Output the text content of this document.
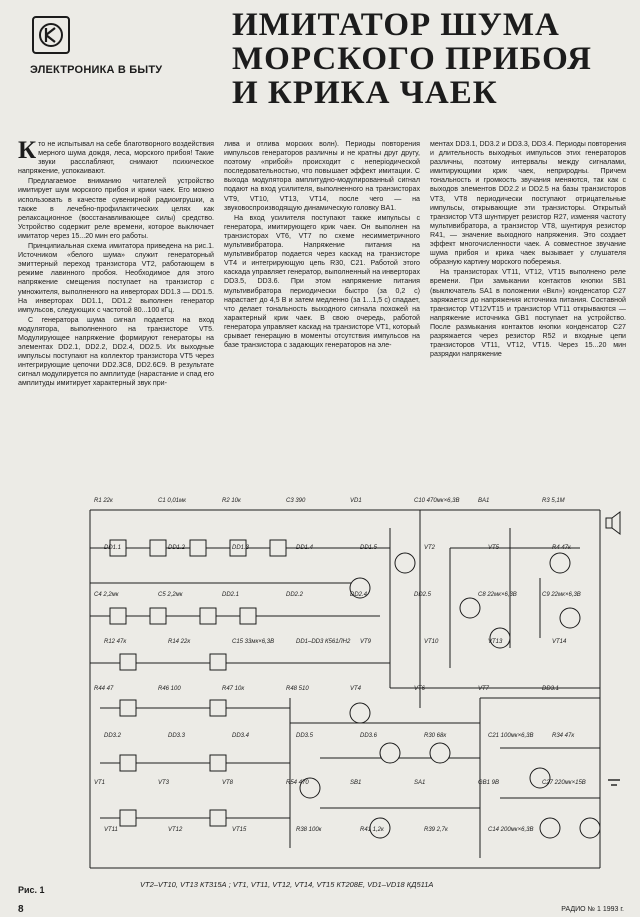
ЭЛЕКТРОНИКА В БЫТУ
ИМИТАТОР ШУМА
МОРСКОГО ПРИБОЯ
И КРИКА ЧАЕК

Кто не испытывал на себе благотворного воздействия мерного шума дождя, леса, морского прибоя! Такие звуки расслабляют, снимают психическое напряжение, успокаивают.

Предлагаемое вниманию читателей устройство имитирует шум морского прибоя и крики чаек. Его можно использовать в качестве сувенирной радиоигрушки, а также в лечебно-профилактических целях как релаксационное (восстанавливающее силы) средство. Устройство содержит реле времени, которое выключает имитатор через 15...20 мин его работы.

Принципиальная схема имитатора приведена на рис.1. Источником «белого шума» служит генераторный эмиттерный переход транзистора VT2, работающем в режиме лавинного пробоя. Необходимое для этого напряжение смещения поступает на транзистор с умножителя, выполненного на инверторах DD1.3 — DD1.5. На инверторах DD1.1, DD1.2 выполнен генератор импульсов, следующих с частотой 80...100 кГц.

С генератора шума сигнал подается на вход модулятора, выполненного на транзисторе VT5. Модулирующее напряжение формируют генераторы на элементах DD2.1, DD2.2, DD2.4, DD2.5. Их выходные импульсы поступают на коллектор транзистора VT5 через интегрирующие цепочки DD2.3C8, DD2.6C9. В результате сигнал модулируется по амплитуде (нарастание и спад его амплитуды имитирует характерный звук при-

лива и отлива морских волн). Периоды повторения импульсов генераторов различны и не кратны друг другу, поэтому «прибой» происходит с неперiодической последовательностью, что повышает эффект имитации. С выхода модулятора амплитудно-модулированный сигнал подают на вход усилителя, выполненного на транзисторах VT9, VT10, VT13, VT14, после чего — на звуковоспроизводящую динамическую головку BA1.

На вход усилителя поступают также импульсы с генератора, имитирующего крик чаек. Он выполнен на транзисторах VT6, VT7 по схеме несимметричного мультивибратора. Напряжение питания на мультивибратор подается через каскад на транзисторе VT4 и интегрирующую цепь R30, C21. Работой этого каскада управляет генератор, выполненный на инверторах DD3.5, DD3.6. При этом напряжение питания мультивибратора периодически быстро (за 0,2 с) нарастает до 4,5 В и затем медленно (за 1...1,5 с) спадает, что делает тональность выходного сигнала похожей на характерный крик чаек. В свою очередь, работой генератора управляет каскад на транзисторе VT1, который срывает генерацию в моменты отсутствия импульсов на базе транзистора с задающих генераторов на эле-

ментах DD3.1, DD3.2 и DD3.3, DD3.4. Периоды повторения и длительность выходных импульсов этих генераторов различны, поэтому интервалы между сигналами, имитирующими крик чаек, неприродны. Причем тональность и громкость звучания меняются, так как с выходов элементов DD2.2 и DD2.5 на базы транзисторов VT3, VT8 периодически поступают отрицательные импульсы, открывающие эти транзисторы. Открытый транзистор VT3 шунтирует резистор R27, изменяя частоту мультивибратора, а транзистор VT8, шунтируя резистор R41, — значение выходного напряжения. Это создает эффект многочисленности чаек. А совместное звучание шума прибоя и крика чаек вызывает у слушателя образную картину морского побережья.

На транзисторах VT11, VT12, VT15 выполнено реле времени. При замыкании контактов кнопки SB1 (выключатель SA1 в положении «Вкл») конденсатор C27 заряжается до напряжения источника питания. Составной транзистор VT12VT15 и транзистор VT11 открываются — напряжение источника GB1 поступает на устройство. После размыкания контактов кнопки конденсатор C27 разряжается через резистор R52 и входные цепи транзисторов VT11, VT12, VT15. Через 15...20 мин разрядки напряжение

R1 22к	C1 0,01мк	R2 10к	C3 390	VD1	C10 470мк×6,3В	BA1	R3 5,1М
DD1.1	DD1.2	DD1.3	DD1.4	DD1.5	VT2	VT5	R4 47к
C4 2,2мк	C5 2,2мк	DD2.1	DD2.2	DD2.4	DD2.5	C8 22мк×6,3В	C9 22мк×6,3В
R12 47к	R14 22к	C15 33мк×6,3В	DD1–DD3 К561ЛН2 VT9	VT10	VT13	VT14
R44 47	R46 100	R47 10к	R48 510	VT4	VT6	VT7	DD3.1
DD3.2	DD3.3	DD3.4	DD3.5	DD3.6	R30 68к	C21 100мк×6,3В	R34 47к
VT1	VT3	VT8	R54 470	SB1	SA1	GB1 9В	C27 220мк×15В
VT11	VT12	VT15	R38 100к	R41 1,2к	R39 2,7к	C14 200мк×6,3В
Рис. 1
VT2–VT10, VT13 КТ315А ; VT1, VT11, VT12, VT14, VT15 КТ208Е, VD1–VD18 КД511А
8	РАДИО № 1 1993 г.
